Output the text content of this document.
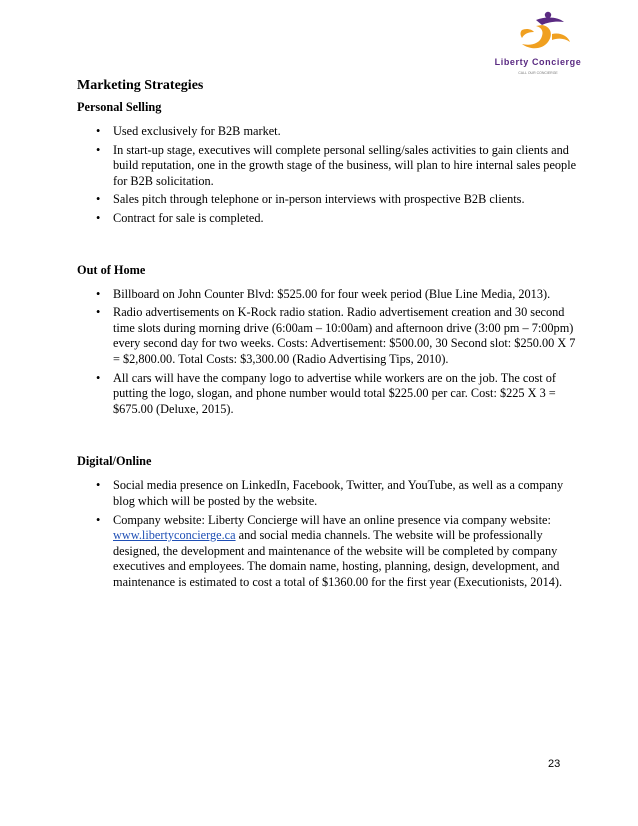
Liberty Concierge
CALL OUR CONCIERGE
Marketing Strategies
Personal Selling
• Used exclusively for B2B market.
• In start-up stage, executives will complete personal selling/sales activities to gain clients and build reputation, one in the growth stage of the business, will plan to hire internal sales people for B2B solicitation.
• Sales pitch through telephone or in-person interviews with prospective B2B clients.
• Contract for sale is completed.
Out of Home
• Billboard on John Counter Blvd: $525.00 for four week period (Blue Line Media, 2013).
• Radio advertisements on K-Rock radio station. Radio advertisement creation and 30 second time slots during morning drive (6:00am – 10:00am) and afternoon drive (3:00 pm – 7:00pm) every second day for two weeks. Costs: Advertisement: $500.00, 30 Second slot: $250.00 X 7 = $2,800.00. Total Costs: $3,300.00 (Radio Advertising Tips, 2010).
• All cars will have the company logo to advertise while workers are on the job. The cost of putting the logo, slogan, and phone number would total $225.00 per car. Cost: $225 X 3 = $675.00 (Deluxe, 2015).
Digital/Online
• Social media presence on LinkedIn, Facebook, Twitter, and YouTube, as well as a company blog which will be posted by the website.
• Company website: Liberty Concierge will have an online presence via company website: www.libertyconcierge.ca and social media channels. The website will be professionally designed, the development and maintenance of the website will be completed by company executives and employees. The domain name, hosting, planning, design, development, and maintenance is estimated to cost a total of $1360.00 for the first year (Executionists, 2014).
23
